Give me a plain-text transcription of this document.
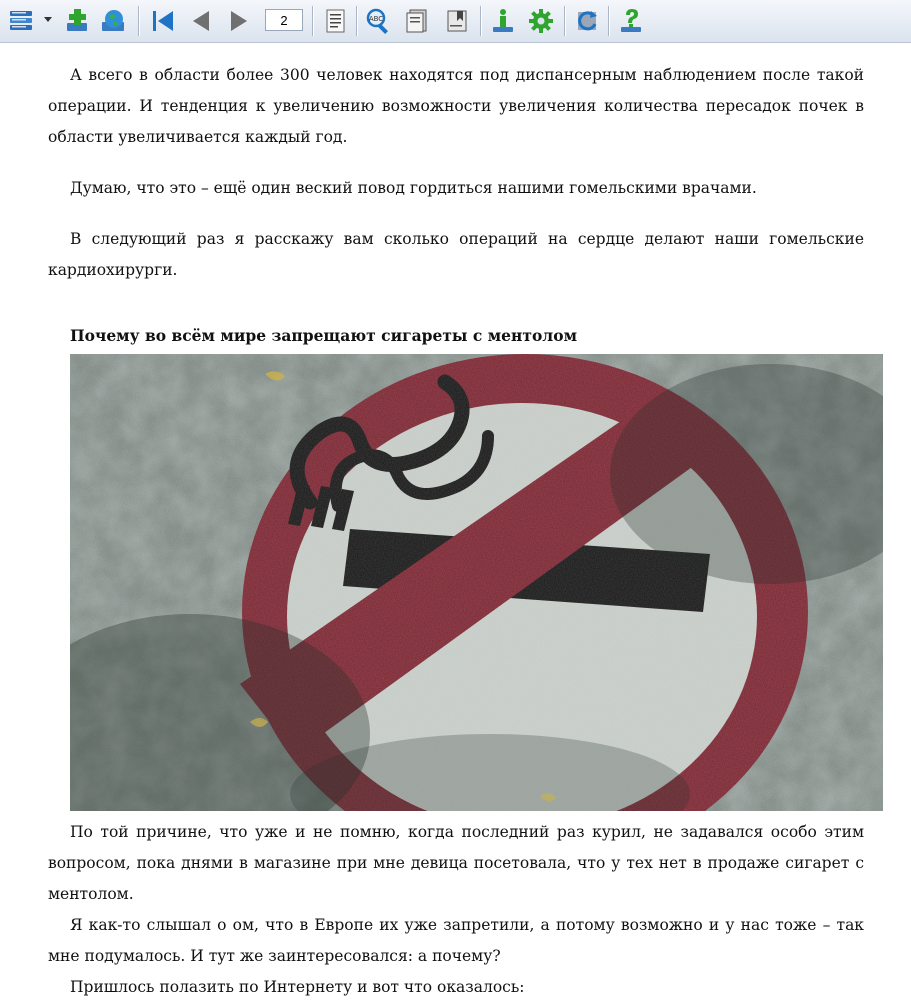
2
ABC

А всего в области более 300 человек находятся под диспансерным наблюдением после такой операции. И тенденция к увеличению возможности увеличения количества пересадок почек в области увеличивается каждый год.

Думаю, что это – ещё один веский повод гордиться нашими гомельскими врачами.

В следующий раз я расскажу вам сколько операций на сердце делают наши гомельские кардиохирурги.

Почему во всём мире запрещают сигареты с ментолом

По той причине, что уже и не помню, когда последний раз курил, не задавался особо этим вопросом, пока днями в магазине при мне девица посетовала, что у тех нет в продаже сигарет с ментолом.

Я как-то слышал о ом, что в Европе их уже запретили, а потому возможно и у нас тоже – так мне подумалось. И тут же заинтересовался: а почему?

Пришлось полазить по Интернету и вот что оказалось:
